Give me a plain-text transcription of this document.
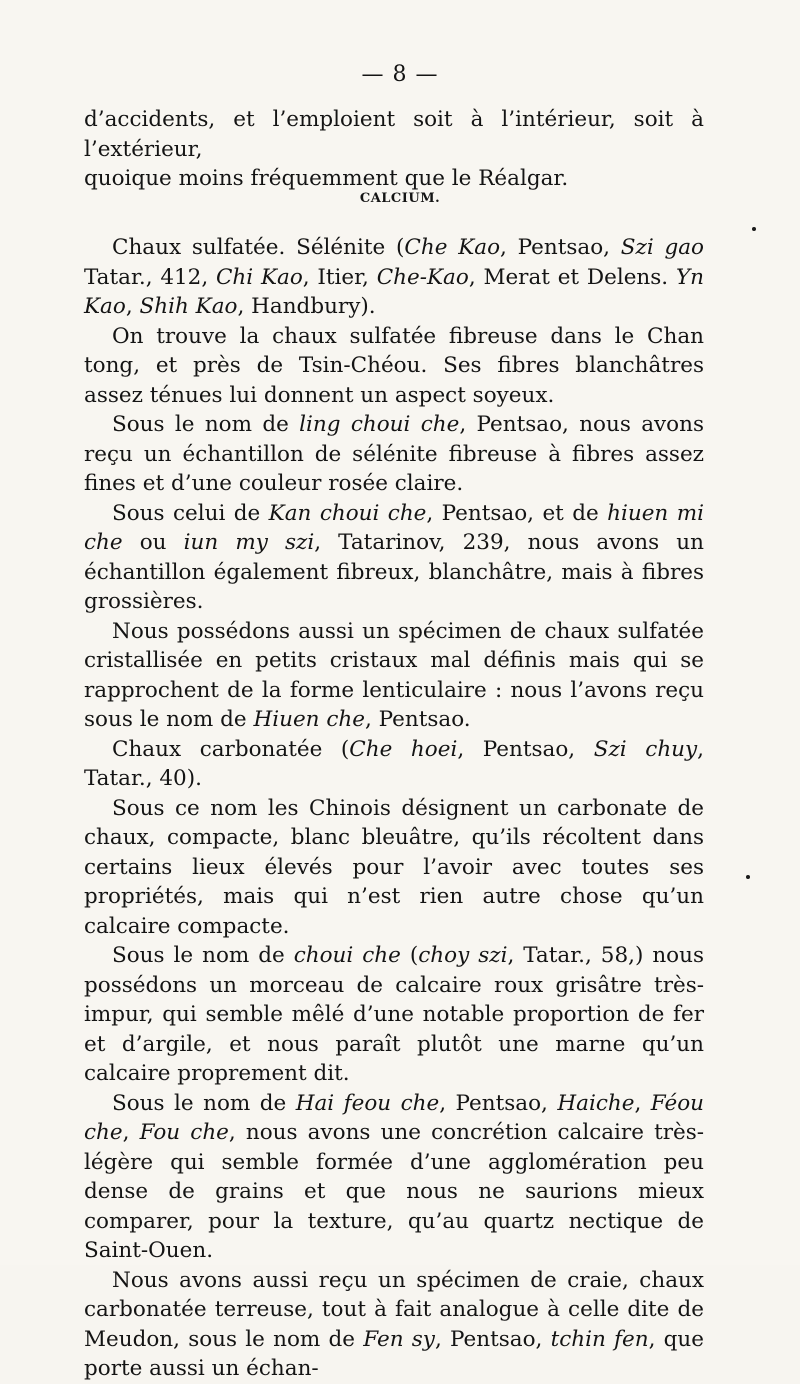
— 8 —

d’accidents, et l’emploient soit à l’intérieur, soit à l’extérieur,

quoique moins fréquemment que le Réalgar.

CALCIUM.

Chaux sulfatée. Sélénite (Che Kao, Pentsao, Szi gao Tatar., 412, Chi Kao, Itier, Che-Kao, Merat et Delens. Yn Kao, Shih Kao, Handbury).

On trouve la chaux sulfatée fibreuse dans le Chan tong, et près de Tsin-Chéou. Ses fibres blanchâtres assez ténues lui donnent un aspect soyeux.

Sous le nom de ling choui che, Pentsao, nous avons reçu un échantillon de sélénite fibreuse à fibres assez fines et d’une couleur rosée claire.

Sous celui de Kan choui che, Pentsao, et de hiuen mi che ou iun my szi, Tatarinov, 239, nous avons un échantillon également fibreux, blanchâtre, mais à fibres grossières.

Nous possédons aussi un spécimen de chaux sulfatée cristallisée en petits cristaux mal définis mais qui se rapprochent de la forme lenticulaire : nous l’avons reçu sous le nom de Hiuen che, Pentsao.

Chaux carbonatée (Che hoei, Pentsao, Szi chuy, Tatar., 40).

Sous ce nom les Chinois désignent un carbonate de chaux, compacte, blanc bleuâtre, qu’ils récoltent dans certains lieux élevés pour l’avoir avec toutes ses propriétés, mais qui n’est rien autre chose qu’un calcaire compacte.

Sous le nom de choui che (choy szi, Tatar., 58,) nous possédons un morceau de calcaire roux grisâtre très-impur, qui semble mêlé d’une notable proportion de fer et d’argile, et nous paraît plutôt une marne qu’un calcaire proprement dit.

Sous le nom de Hai feou che, Pentsao, Haiche, Féou che, Fou che, nous avons une concrétion calcaire très-légère qui semble formée d’une agglomération peu dense de grains et que nous ne saurions mieux comparer, pour la texture, qu’au quartz nectique de Saint-Ouen.

Nous avons aussi reçu un spécimen de craie, chaux carbonatée terreuse, tout à fait analogue à celle dite de Meudon, sous le nom de Fen sy, Pentsao, tchin fen, que porte aussi un échan-
